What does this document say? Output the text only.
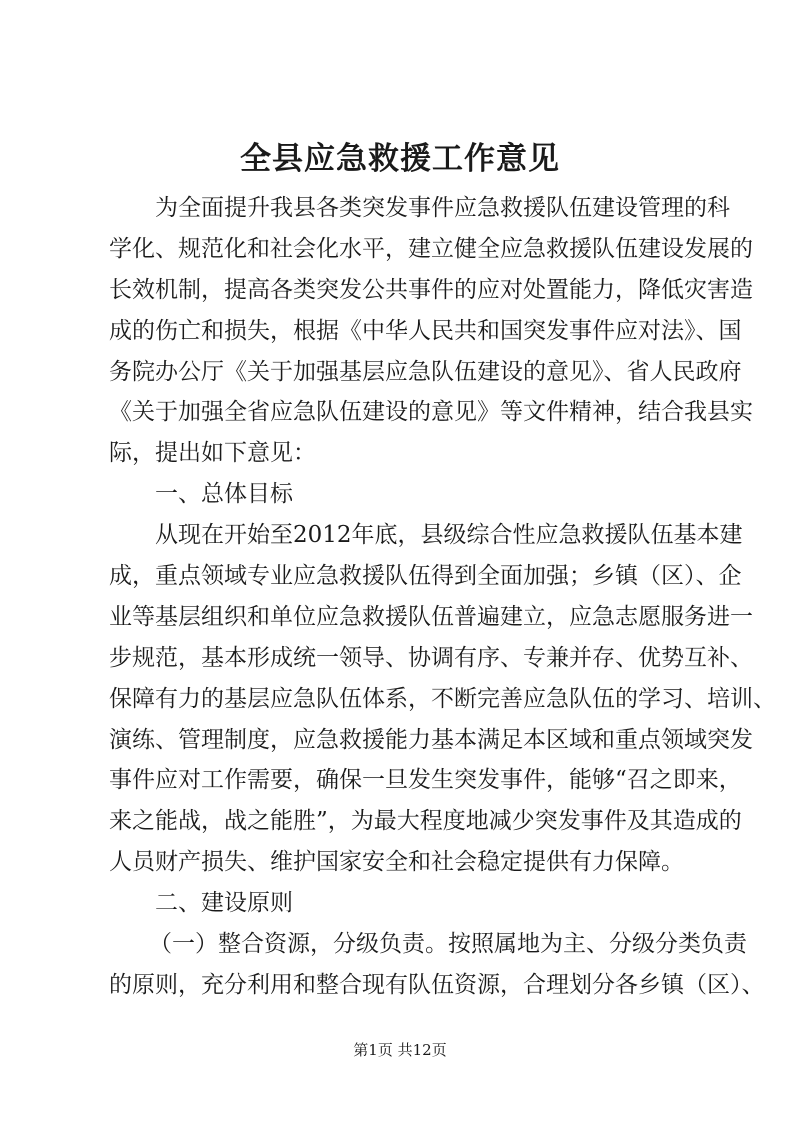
全县应急救援工作意见
为全面提升我县各类突发事件应急救援队伍建设管理的科
学化、规范化和社会化水平，建立健全应急救援队伍建设发展的
长效机制，提高各类突发公共事件的应对处置能力，降低灾害造
成的伤亡和损失，根据《中华人民共和国突发事件应对法》、国
务院办公厅《关于加强基层应急队伍建设的意见》、省人民政府
《关于加强全省应急队伍建设的意见》等文件精神，结合我县实
际，提出如下意见：
一、总体目标
从现在开始至2012年底，县级综合性应急救援队伍基本建
成，重点领域专业应急救援队伍得到全面加强；乡镇（区）、企
业等基层组织和单位应急救援队伍普遍建立，应急志愿服务进一
步规范，基本形成统一领导、协调有序、专兼并存、优势互补、
保障有力的基层应急队伍体系，不断完善应急队伍的学习、培训、
演练、管理制度，应急救援能力基本满足本区域和重点领域突发
事件应对工作需要，确保一旦发生突发事件，能够“召之即来，
来之能战，战之能胜”，为最大程度地减少突发事件及其造成的
人员财产损失、维护国家安全和社会稳定提供有力保障。
二、建设原则
（一）整合资源，分级负责。按照属地为主、分级分类负责
的原则，充分利用和整合现有队伍资源，合理划分各乡镇（区）、
第1页 共12页
